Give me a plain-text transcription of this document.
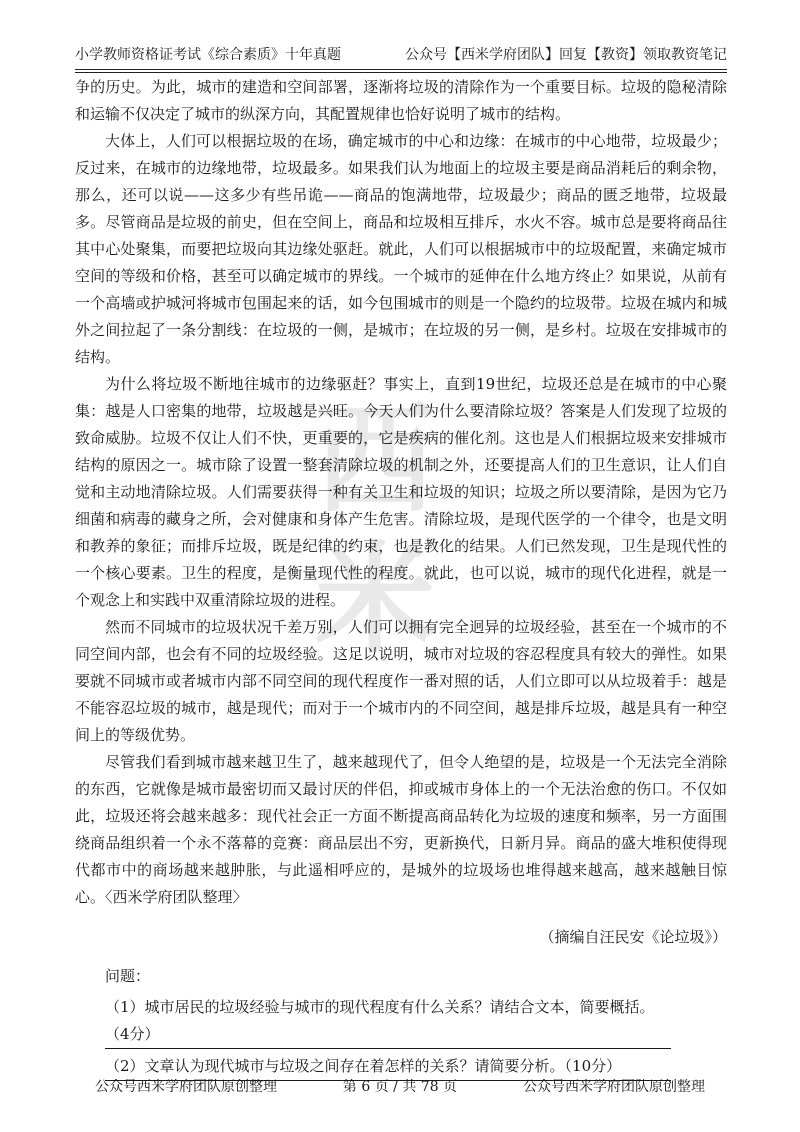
小学教师资格证考试《综合素质》十年真题	公众号【西米学府团队】回复【教资】领取教资笔记
西
米

争的历史。为此，城市的建造和空间部署，逐渐将垃圾的清除作为一个重要目标。垃圾的隐秘清除和运输不仅决定了城市的纵深方向，其配置规律也恰好说明了城市的结构。

大体上，人们可以根据垃圾的在场，确定城市的中心和边缘：在城市的中心地带，垃圾最少；反过来，在城市的边缘地带，垃圾最多。如果我们认为地面上的垃圾主要是商品消耗后的剩余物，那么，还可以说——这多少有些吊诡——商品的饱满地带，垃圾最少；商品的匮乏地带，垃圾最多。尽管商品是垃圾的前史，但在空间上，商品和垃圾相互排斥，水火不容。城市总是要将商品往其中心处聚集，而要把垃圾向其边缘处驱赶。就此，人们可以根据城市中的垃圾配置，来确定城市空间的等级和价格，甚至可以确定城市的界线。一个城市的延伸在什么地方终止？如果说，从前有一个高墙或护城河将城市包围起来的话，如今包围城市的则是一个隐约的垃圾带。垃圾在城内和城外之间拉起了一条分割线：在垃圾的一侧，是城市；在垃圾的另一侧，是乡村。垃圾在安排城市的结构。

为什么将垃圾不断地往城市的边缘驱赶？事实上，直到19世纪，垃圾还总是在城市的中心聚集：越是人口密集的地带，垃圾越是兴旺。今天人们为什么要清除垃圾？答案是人们发现了垃圾的致命威胁。垃圾不仅让人们不快，更重要的，它是疾病的催化剂。这也是人们根据垃圾来安排城市结构的原因之一。城市除了设置一整套清除垃圾的机制之外，还要提高人们的卫生意识，让人们自觉和主动地清除垃圾。人们需要获得一种有关卫生和垃圾的知识；垃圾之所以要清除，是因为它乃细菌和病毒的藏身之所，会对健康和身体产生危害。清除垃圾，是现代医学的一个律令，也是文明和教养的象征；而排斥垃圾，既是纪律的约束，也是教化的结果。人们已然发现，卫生是现代性的一个核心要素。卫生的程度，是衡量现代性的程度。就此，也可以说，城市的现代化进程，就是一个观念上和实践中双重清除垃圾的进程。

然而不同城市的垃圾状况千差万别，人们可以拥有完全迥异的垃圾经验，甚至在一个城市的不同空间内部，也会有不同的垃圾经验。这足以说明，城市对垃圾的容忍程度具有较大的弹性。如果要就不同城市或者城市内部不同空间的现代程度作一番对照的话，人们立即可以从垃圾着手：越是不能容忍垃圾的城市，越是现代；而对于一个城市内的不同空间，越是排斥垃圾，越是具有一种空间上的等级优势。

尽管我们看到城市越来越卫生了，越来越现代了，但令人绝望的是，垃圾是一个无法完全消除的东西，它就像是城市最密切而又最讨厌的伴侣，抑或城市身体上的一个无法治愈的伤口。不仅如此，垃圾还将会越来越多：现代社会正一方面不断提高商品转化为垃圾的速度和频率，另一方面围绕商品组织着一个永不落幕的竞赛：商品层出不穷，更新换代，日新月异。商品的盛大堆积使得现代都市中的商场越来越肿胀，与此遥相呼应的，是城外的垃圾场也堆得越来越高，越来越触目惊心。〈西米学府团队整理〉

（摘编自汪民安《论垃圾》）

问题：

（1）城市居民的垃圾经验与城市的现代程度有什么关系？请结合文本，简要概括。（4分）

（2）文章认为现代城市与垃圾之间存在着怎样的关系？请简要分析。（10分）

公众号西米学府团队原创整理	第 6 页 / 共 78 页	公众号西米学府团队原创整理
